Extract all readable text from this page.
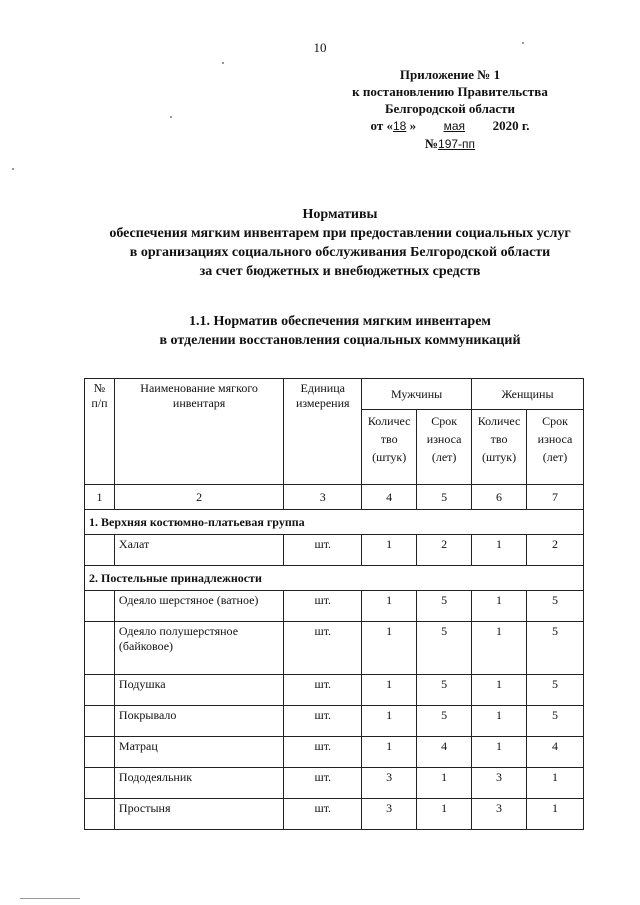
10
Приложение № 1
к постановлению Правительства
Белгородской области
от «18 » мая 2020 г.
№197-пп
Нормативы
обеспечения мягким инвентарем при предоставлении социальных услуг
в организациях социального обслуживания Белгородской области
за счет бюджетных и внебюджетных средств
1.1. Норматив обеспечения мягким инвентарем
в отделении восстановления социальных коммуникаций
№ п/п	Наименование мягкого инвентаря	Единица измерения	Мужчины		Женщины	
			Количес тво (штук)	Срок износа (лет)	Количес тво (штук)	Срок износа (лет)
1	2	3	4	5	6	7
1. Верхняя костюмно-платьевая группа						
	Халат	шт.	1	2	1	2
2. Постельные принадлежности						
	Одеяло шерстяное (ватное)	шт.	1	5	1	5
	Одеяло полушерстяное (байковое)	шт.	1	5	1	5
	Подушка	шт.	1	5	1	5
	Покрывало	шт.	1	5	1	5
	Матрац	шт.	1	4	1	4
	Пододеяльник	шт.	3	1	3	1
	Простыня	шт.	3	1	3	1
